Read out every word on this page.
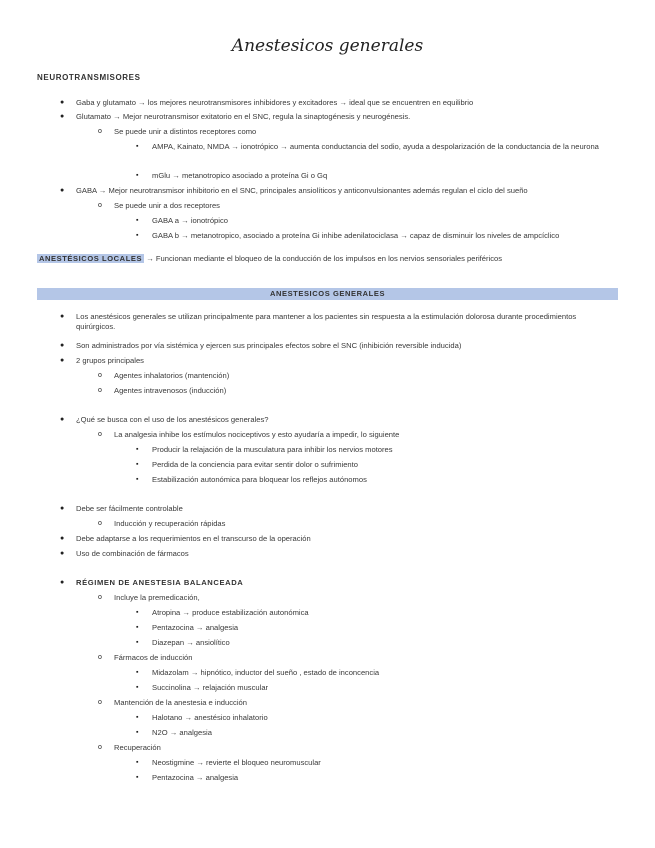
Anestesicos generales
NEUROTRANSMISORES
● Gaba y glutamato → los mejores neurotransmisores inhibidores y excitadores → ideal que se encuentren en equilibrio
● Glutamato → Mejor neurotransmisor exitatorio en el SNC, regula la sinaptogénesis y neurogénesis.
o Se puede unir a distintos receptores como
▪ AMPA, Kainato, NMDA → ionotrópico → aumenta conductancia del sodio, ayuda a despolarización de la conductancia de la neurona
▪ mGlu → metanotropico asociado a proteína Gi o Gq
● GABA → Mejor neurotransmisor inhibitorio en el SNC, principales ansiolíticos y anticonvulsionantes además regulan el ciclo del sueño
o Se puede unir a dos receptores
▪ GABA a → ionotrópico
▪ GABA b → metanotropico, asociado a proteína Gi inhibe adenilatociclasa → capaz de disminuir los niveles de ampcíclico
ANESTÉSICOS LOCALES → Funcionan mediante el bloqueo de la conducción de los impulsos en los nervios sensoriales periféricos
ANESTESICOS GENERALES
● Los anestésicos generales se utilizan principalmente para mantener a los pacientes sin respuesta a la estimulación dolorosa durante procedimientos quirúrgicos.
● Son administrados por vía sistémica y ejercen sus principales efectos sobre el SNC (inhibición reversible inducida)
● 2 grupos principales
o Agentes inhalatorios (mantención)
o Agentes intravenosos (inducción)
● ¿Qué se busca con el uso de los anestésicos generales?
o La analgesia inhibe los estímulos nociceptivos y esto ayudaría a impedir, lo siguiente
▪ Producir la relajación de la musculatura para inhibir los nervios motores
▪ Perdida de la conciencia para evitar sentir dolor o sufrimiento
▪ Estabilización autonómica para bloquear los reflejos autónomos
● Debe ser fácilmente controlable
o Inducción y recuperación rápidas
● Debe adaptarse a los requerimientos en el transcurso de la operación
● Uso de combinación de fármacos
● RÉGIMEN DE ANESTESIA BALANCEADA
o Incluye la premedicación,
▪ Atropina → produce estabilización autonómica
▪ Pentazocina → analgesia
▪ Diazepan → ansiolítico
o Fármacos de inducción
▪ Midazolam → hipnótico, inductor del sueño , estado de inconcencia
▪ Succinolina → relajación muscular
o Mantención de la anestesia e inducción
▪ Halotano → anestésico inhalatorio
▪ N2O → analgesia
o Recuperación
▪ Neostigmine → revierte el bloqueo neuromuscular
▪ Pentazocina → analgesia
